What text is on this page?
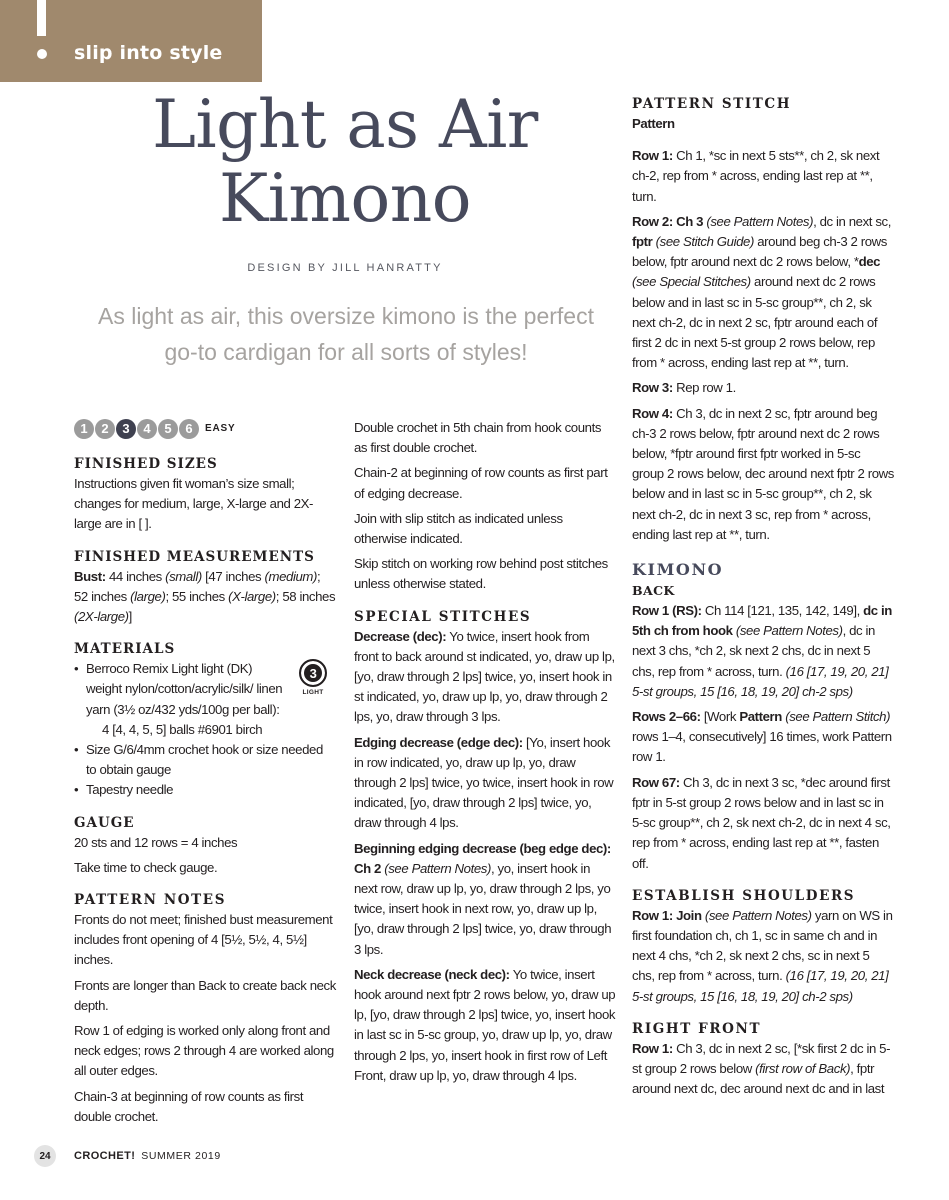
slip into style
Light as Air
Kimono
DESIGN BY JILL HANRATTY
As light as air, this oversize kimono is the perfect
go-to cardigan for all sorts of styles!
1	2	3	4	5	6	EASY
FINISHED SIZES

Instructions given fit woman’s size small; changes for medium, large, X-large and 2X-large are in [ ].

FINISHED MEASUREMENTS

Bust: 44 inches (small) [47 inches (medium); 52 inches (large); 55 inches (X-large); 58 inches (2X-large)]

MATERIALS
• Berroco Remix Light light (DK) weight nylon/cotton/acrylic/silk/ linen yarn (3½ oz/432 yds/100g per ball):
4 [4, 4, 5, 5] balls #6901 birch
3
LIGHT
• Size G/6/4mm crochet hook or size needed to obtain gauge
• Tapestry needle
GAUGE

20 sts and 12 rows = 4 inches

Take time to check gauge.

PATTERN NOTES

Fronts do not meet; finished bust measurement includes front opening of 4 [5½, 5½, 4, 5½] inches.

Fronts are longer than Back to create back neck depth.

Row 1 of edging is worked only along front and neck edges; rows 2 through 4 are worked along all outer edges.

Chain-3 at beginning of row counts as first double crochet.

Double crochet in 5th chain from hook counts as first double crochet.

Chain-2 at beginning of row counts as first part of edging decrease.

Join with slip stitch as indicated unless otherwise indicated.

Skip stitch on working row behind post stitches unless otherwise stated.

SPECIAL STITCHES

Decrease (dec): Yo twice, insert hook from front to back around st indicated, yo, draw up lp, [yo, draw through 2 lps] twice, yo, insert hook in st indicated, yo, draw up lp, yo, draw through 2 lps, yo, draw through 3 lps.

Edging decrease (edge dec): [Yo, insert hook in row indicated, yo, draw up lp, yo, draw through 2 lps] twice, yo twice, insert hook in row indicated, [yo, draw through 2 lps] twice, yo, draw through 4 lps.

Beginning edging decrease (beg edge dec): Ch 2 (see Pattern Notes), yo, insert hook in next row, draw up lp, yo, draw through 2 lps, yo twice, insert hook in next row, yo, draw up lp, [yo, draw through 2 lps] twice, yo, draw through 3 lps.

Neck decrease (neck dec): Yo twice, insert hook around next fptr 2 rows below, yo, draw up lp, [yo, draw through 2 lps] twice, yo, insert hook in last sc in 5-sc group, yo, draw up lp, yo, draw through 2 lps, yo, insert hook in first row of Left Front, draw up lp, yo, draw through 4 lps.

PATTERN STITCH
Pattern

Row 1: Ch 1, *sc in next 5 sts**, ch 2, sk next ch-2, rep from * across, ending last rep at **, turn.

Row 2: Ch 3 (see Pattern Notes), dc in next sc, fptr (see Stitch Guide) around beg ch-3 2 rows below, fptr around next dc 2 rows below, *dec (see Special Stitches) around next dc 2 rows below and in last sc in 5-sc group**, ch 2, sk next ch-2, dc in next 2 sc, fptr around each of first 2 dc in next 5-st group 2 rows below, rep from * across, ending last rep at **, turn.

Row 3: Rep row 1.

Row 4: Ch 3, dc in next 2 sc, fptr around beg ch-3 2 rows below, fptr around next dc 2 rows below, *fptr around first fptr worked in 5-sc group 2 rows below, dec around next fptr 2 rows below and in last sc in 5-sc group**, ch 2, sk next ch-2, dc in next 3 sc, rep from * across, ending last rep at **, turn.

KIMONO
BACK

Row 1 (RS): Ch 114 [121, 135, 142, 149], dc in 5th ch from hook (see Pattern Notes), dc in next 3 chs, *ch 2, sk next 2 chs, dc in next 5 chs, rep from * across, turn. (16 [17, 19, 20, 21] 5-st groups, 15 [16, 18, 19, 20] ch-2 sps)

Rows 2–66: [Work Pattern (see Pattern Stitch) rows 1–4, consecutively] 16 times, work Pattern row 1.

Row 67: Ch 3, dc in next 3 sc, *dec around first fptr in 5-st group 2 rows below and in last sc in 5-sc group**, ch 2, sk next ch-2, dc in next 4 sc, rep from * across, ending last rep at **, fasten off.

ESTABLISH SHOULDERS

Row 1: Join (see Pattern Notes) yarn on WS in first foundation ch, ch 1, sc in same ch and in next 4 chs, *ch 2, sk next 2 chs, sc in next 5 chs, rep from * across, turn. (16 [17, 19, 20, 21] 5-st groups, 15 [16, 18, 19, 20] ch-2 sps)

RIGHT FRONT

Row 1: Ch 3, dc in next 2 sc, [*sk first 2 dc in 5-st group 2 rows below (first row of Back), fptr around next dc, dec around next dc and in last

24	CROCHET! SUMMER 2019
